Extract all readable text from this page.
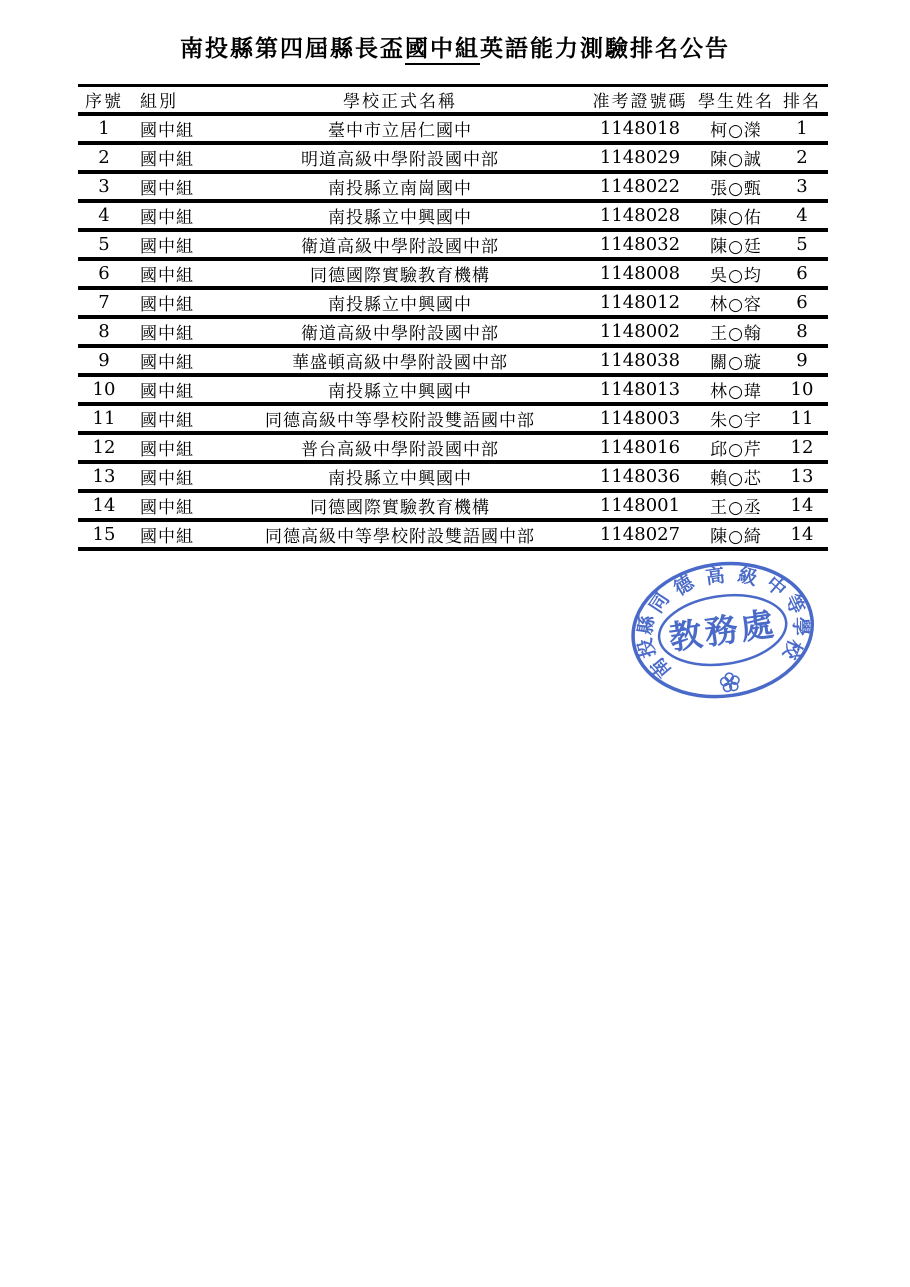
南投縣第四屆縣長盃國中組英語能力測驗排名公告
序號	組別	學校正式名稱	准考證號碼	學生姓名	排名
1	國中組	臺中市立居仁國中	1148018	柯○濚	1
2	國中組	明道高級中學附設國中部	1148029	陳○誠	2
3	國中組	南投縣立南崗國中	1148022	張○甄	3
4	國中組	南投縣立中興國中	1148028	陳○佑	4
5	國中組	衛道高級中學附設國中部	1148032	陳○廷	5
6	國中組	同德國際實驗教育機構	1148008	吳○均	6
7	國中組	南投縣立中興國中	1148012	林○容	6
8	國中組	衛道高級中學附設國中部	1148002	王○翰	8
9	國中組	華盛頓高級中學附設國中部	1148038	關○璇	9
10	國中組	南投縣立中興國中	1148013	林○瑋	10
11	國中組	同德高級中等學校附設雙語國中部	1148003	朱○宇	11
12	國中組	普台高級中學附設國中部	1148016	邱○芹	12
13	國中組	南投縣立中興國中	1148036	賴○芯	13
14	國中組	同德國際實驗教育機構	1148001	王○丞	14
15	國中組	同德高級中等學校附設雙語國中部	1148027	陳○綺	14
教務處
南
投
縣
同
德 高 級 中
等
學
校
